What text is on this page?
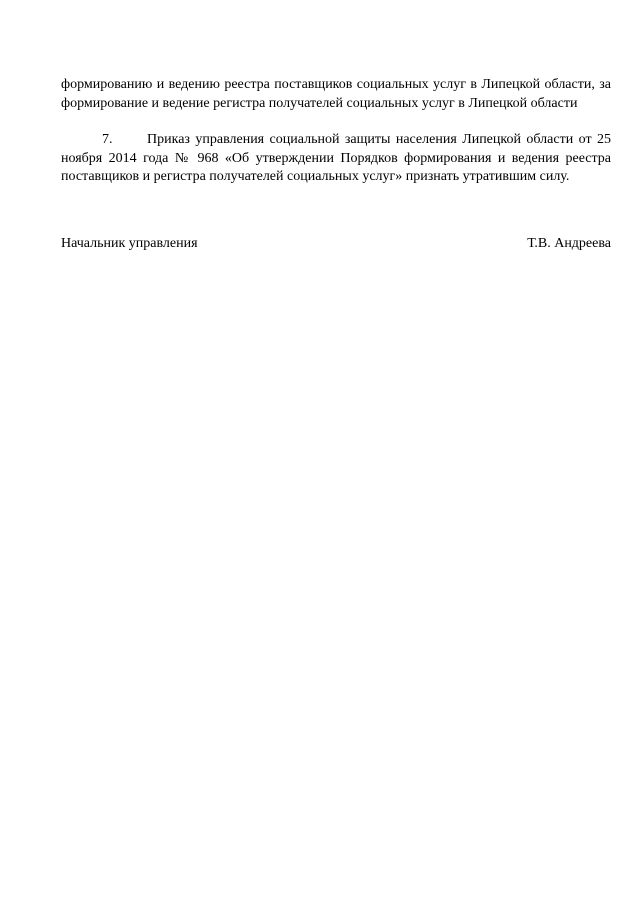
формированию и ведению реестра поставщиков социальных услуг в Липецкой области, за формирование и ведение регистра получателей социальных услуг в Липецкой области

7. Приказ управления социальной защиты населения Липецкой области от 25 ноября 2014 года № 968 «Об утверждении Порядков формирования и ведения реестра поставщиков и регистра получателей социальных услуг» признать утратившим силу.

Начальник управления	Т.В. Андреева
